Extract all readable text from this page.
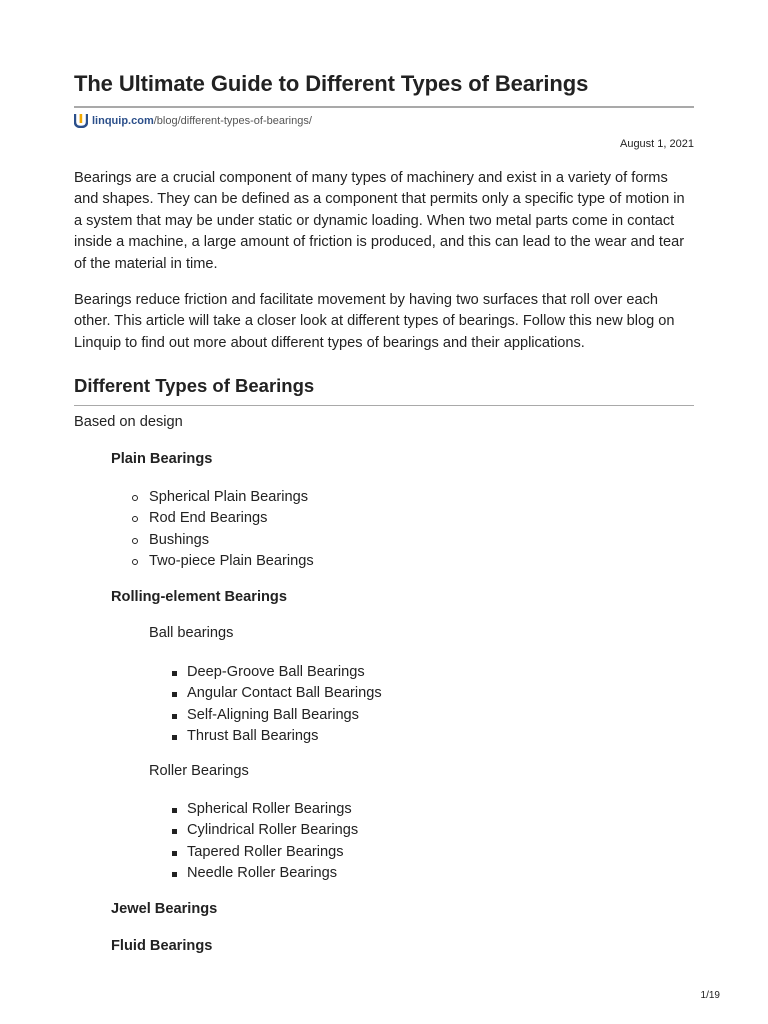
The Ultimate Guide to Different Types of Bearings
linquip.com /blog/different-types-of-bearings/
August 1, 2021

Bearings are a crucial component of many types of machinery and exist in a variety of forms and shapes. They can be defined as a component that permits only a specific type of motion in a system that may be under static or dynamic loading. When two metal parts come in contact inside a machine, a large amount of friction is produced, and this can lead to the wear and tear of the material in time.

Bearings reduce friction and facilitate movement by having two surfaces that roll over each other. This article will take a closer look at different types of bearings. Follow this new blog on Linquip to find out more about different types of bearings and their applications.

Different Types of Bearings
Based on design
Plain Bearings
Spherical Plain Bearings
Rod End Bearings
Bushings
Two-piece Plain Bearings
Rolling-element Bearings
Ball bearings
Deep-Groove Ball Bearings
Angular Contact Ball Bearings
Self-Aligning Ball Bearings
Thrust Ball Bearings
Roller Bearings
Spherical Roller Bearings
Cylindrical Roller Bearings
Tapered Roller Bearings
Needle Roller Bearings
Jewel Bearings
Fluid Bearings
1/19
